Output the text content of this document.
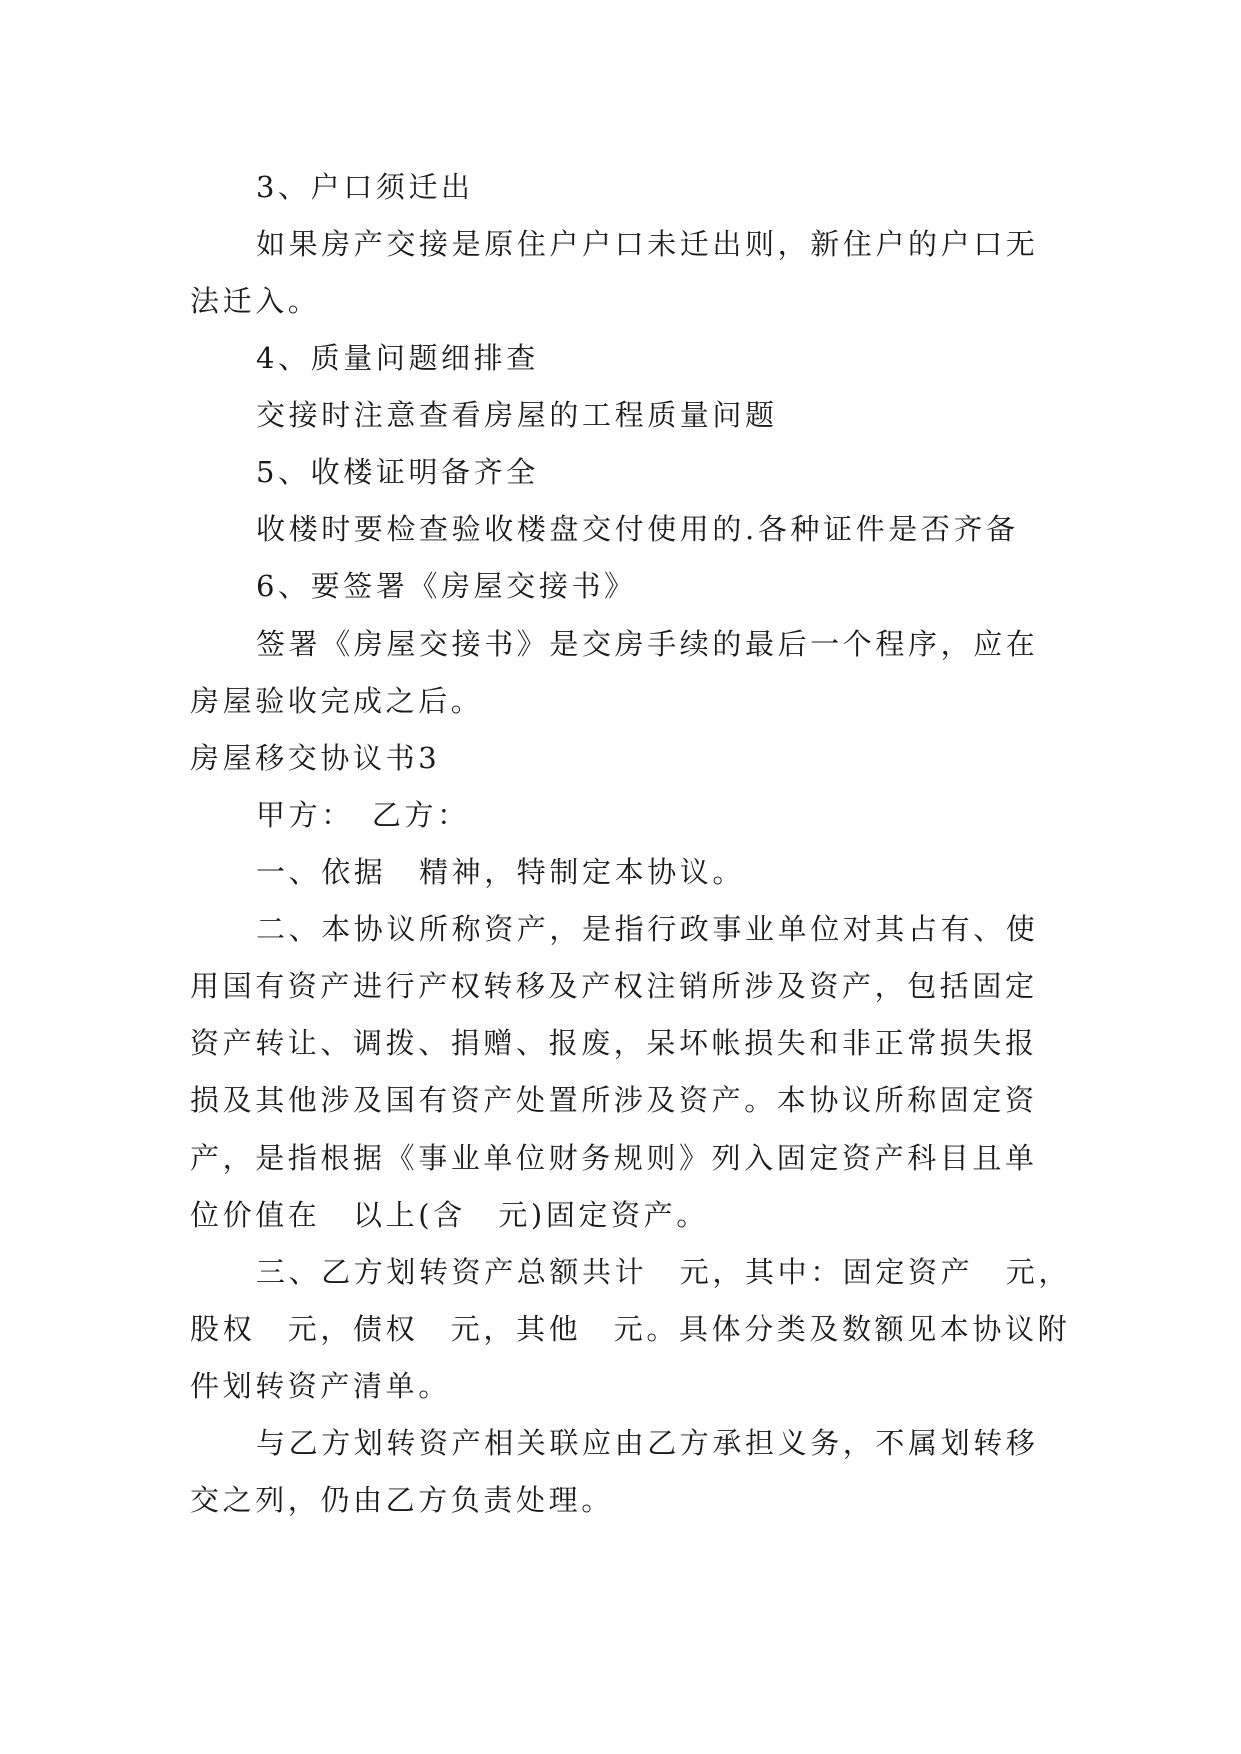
3、户口须迁出
如果房产交接是原住户户口未迁出则，新住户的户口无
法迁入。
4、质量问题细排查
交接时注意查看房屋的工程质量问题
5、收楼证明备齐全
收楼时要检查验收楼盘交付使用的.各种证件是否齐备
6、要签署《房屋交接书》
签署《房屋交接书》是交房手续的最后一个程序，应在
房屋验收完成之后。
房屋移交协议书3
甲方：　乙方：
一、依据　精神，特制定本协议。
二、本协议所称资产，是指行政事业单位对其占有、使
用国有资产进行产权转移及产权注销所涉及资产，包括固定
资产转让、调拨、捐赠、报废，呆坏帐损失和非正常损失报
损及其他涉及国有资产处置所涉及资产。本协议所称固定资
产，是指根据《事业单位财务规则》列入固定资产科目且单
位价值在　以上(含　元)固定资产。
三、乙方划转资产总额共计　元，其中：固定资产　元，
股权　元，债权　元，其他　元。具体分类及数额见本协议附
件划转资产清单。
与乙方划转资产相关联应由乙方承担义务，不属划转移
交之列，仍由乙方负责处理。
